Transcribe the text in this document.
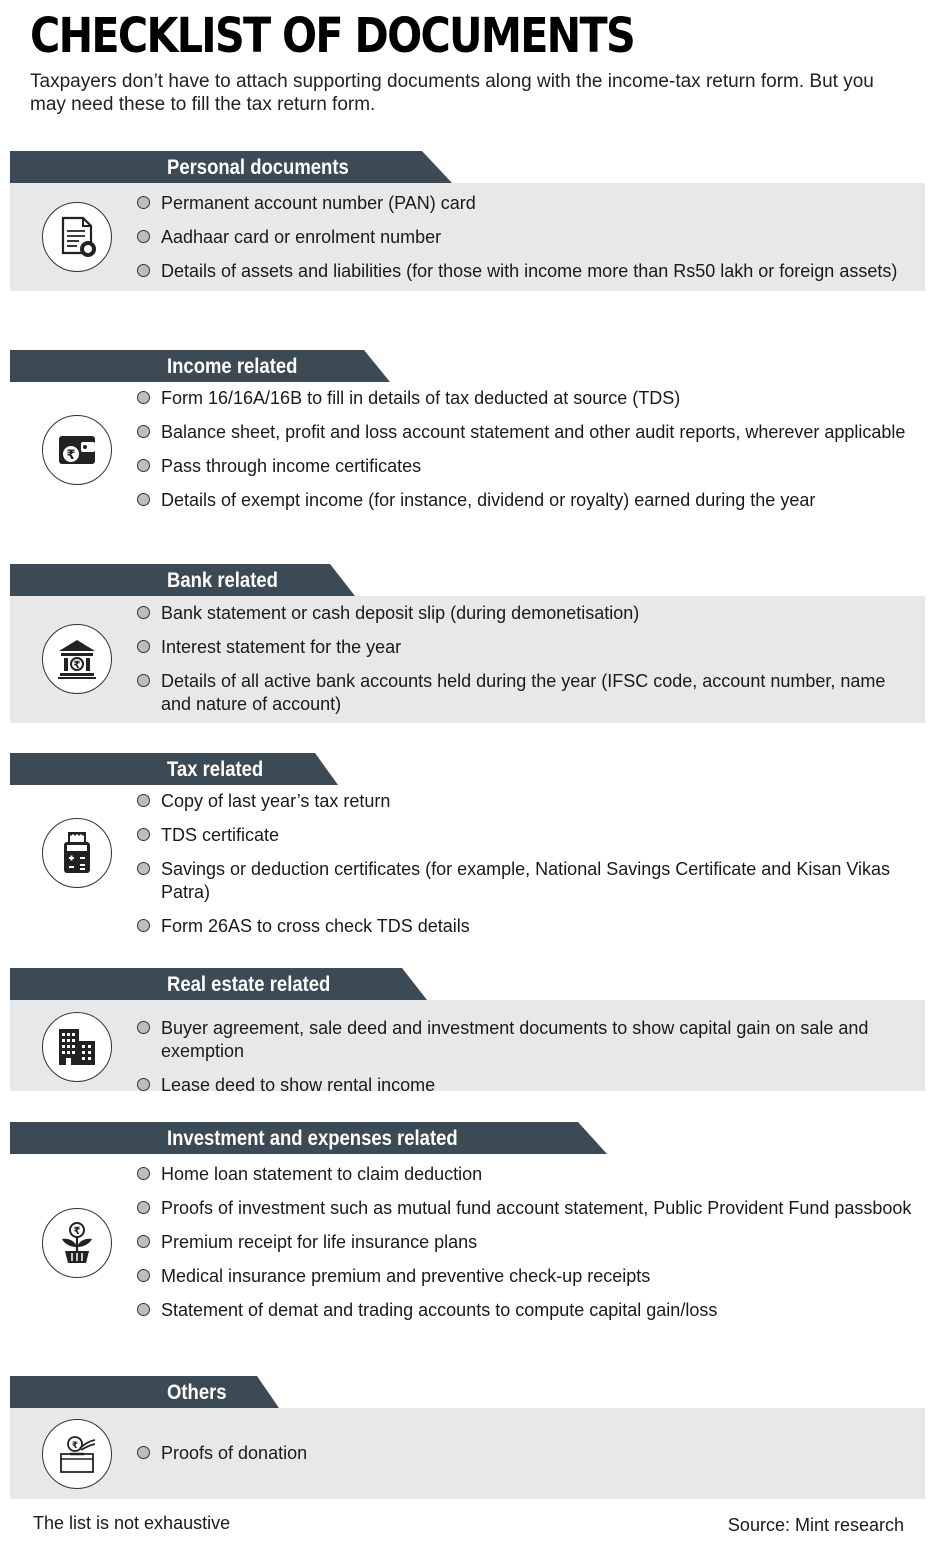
CHECKLIST OF DOCUMENTS
Taxpayers don’t have to attach supporting documents along with the income-tax return form. But you may need these to fill the tax return form.
Personal documents
Permanent account number (PAN) card
Aadhaar card or enrolment number
Details of assets and liabilities (for those with income more than Rs50 lakh or foreign assets)
Income related
₹
Form 16/16A/16B to fill in details of tax deducted at source (TDS)
Balance sheet, profit and loss account statement and other audit reports, wherever applicable
Pass through income certificates
Details of exempt income (for instance, dividend or royalty) earned during the year
Bank related
₹
Bank statement or cash deposit slip (during demonetisation)
Interest statement for the year
Details of all active bank accounts held during the year (IFSC code, account number, name and nature of account)
Tax related
Copy of last year’s tax return
TDS certificate
Savings or deduction certificates (for example, National Savings Certificate and Kisan Vikas Patra)
Form 26AS to cross check TDS details
Real estate related
Buyer agreement, sale deed and investment documents to show capital gain on sale and exemption
Lease deed to show rental income
Investment and expenses related
₹
Home loan statement to claim deduction
Proofs of investment such as mutual fund account statement, Public Provident Fund passbook
Premium receipt for life insurance plans
Medical insurance premium and preventive check-up receipts
Statement of demat and trading accounts to compute capital gain/loss
Others
₹	Proofs of donation
The list is not exhaustive	Source: Mint research
